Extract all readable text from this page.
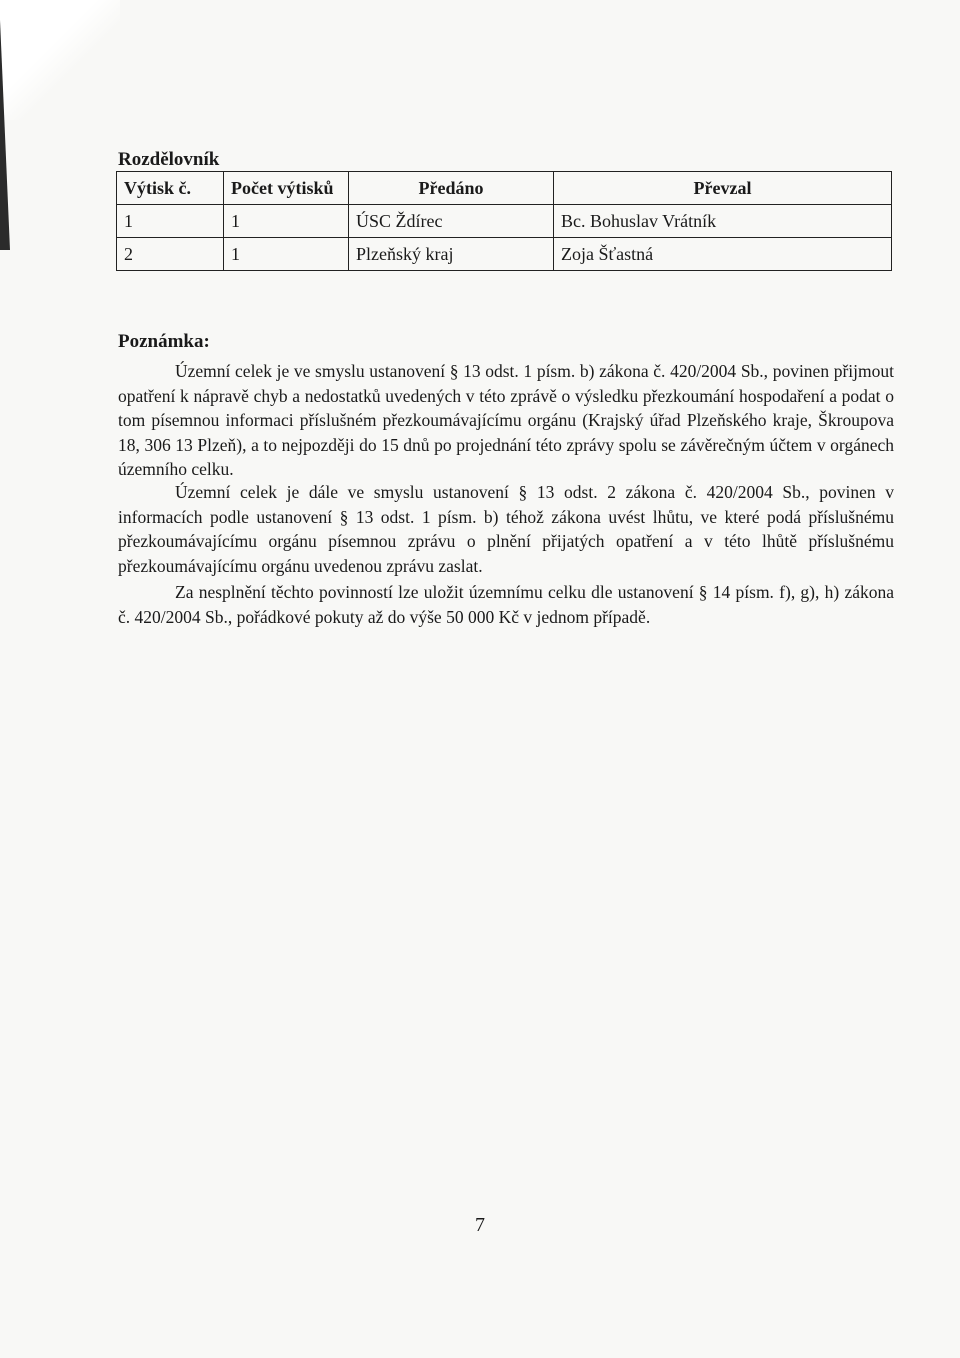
Rozdělovník
Výtisk č.	Počet výtisků	Předáno	Převzal
1	1	ÚSC Ždírec	Bc. Bohuslav Vrátník
2	1	Plzeňský kraj	Zoja Šťastná
Poznámka:

Územní celek je ve smyslu ustanovení § 13 odst. 1 písm. b) zákona č. 420/2004 Sb., povinen přijmout opatření k nápravě chyb a nedostatků uvedených v této zprávě o výsledku přezkoumání hospodaření a podat o tom písemnou informaci příslušném přezkoumávajícímu orgánu (Krajský úřad Plzeňského kraje, Škroupova 18, 306 13 Plzeň), a to nejpozději do 15 dnů po projednání této zprávy spolu se závěrečným účtem v orgánech územního celku.

Územní celek je dále ve smyslu ustanovení § 13 odst. 2 zákona č. 420/2004 Sb., povinen v informacích podle ustanovení § 13 odst. 1 písm. b) téhož zákona uvést lhůtu, ve které podá příslušnému přezkoumávajícímu orgánu písemnou zprávu o plnění přijatých opatření a v této lhůtě příslušnému přezkoumávajícímu orgánu uvedenou zprávu zaslat.

Za nesplnění těchto povinností lze uložit územnímu celku dle ustanovení § 14 písm. f), g), h) zákona č. 420/2004 Sb., pořádkové pokuty až do výše 50 000 Kč v jednom případě.

7
